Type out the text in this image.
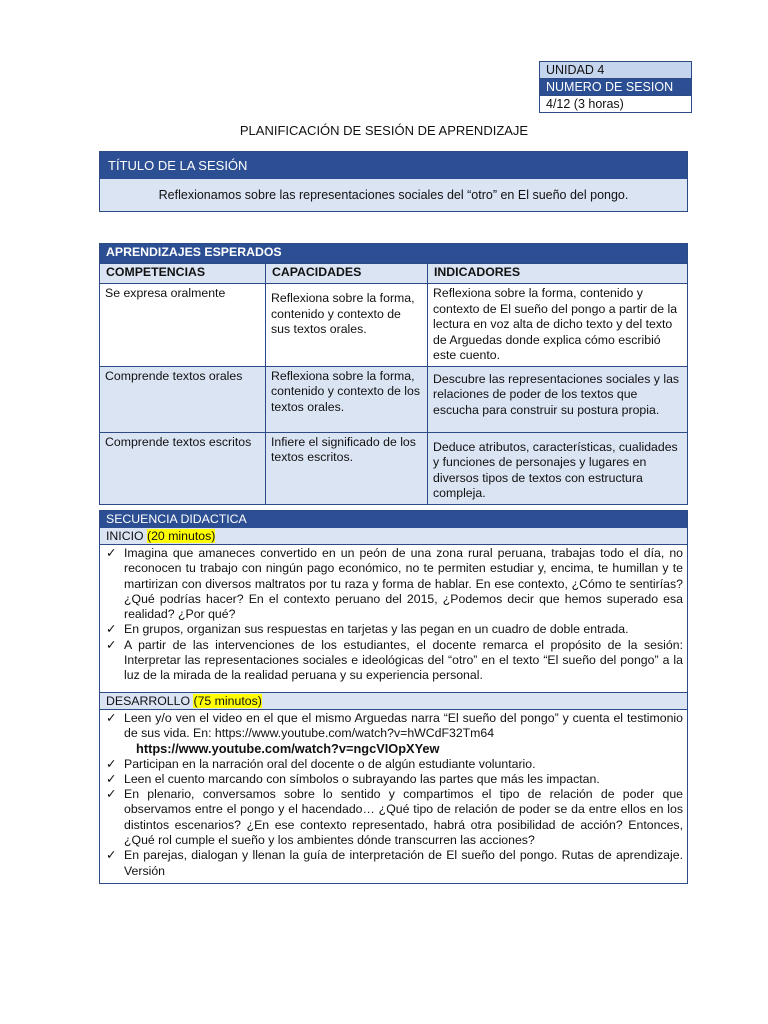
UNIDAD 4
NUMERO DE SESION
4/12 (3 horas)
PLANIFICACIÓN DE SESIÓN DE APRENDIZAJE
TÍTULO DE LA SESIÓN
Reflexionamos sobre las representaciones sociales del “otro” en El sueño del pongo.
APRENDIZAJES ESPERADOS		
COMPETENCIAS	CAPACIDADES	INDICADORES
Se expresa oralmente	Reflexiona sobre la forma, contenido y contexto de sus textos orales.	Reflexiona sobre la forma, contenido y contexto de El sueño del pongo a partir de la lectura en voz alta de dicho texto y del texto de Arguedas donde explica cómo escribió este cuento.
Comprende textos orales	Reflexiona sobre la forma, contenido y contexto de los textos orales.	Descubre las representaciones sociales y las relaciones de poder de los textos que escucha para construir su postura propia.
Comprende textos escritos	Infiere el significado de los textos escritos.	Deduce atributos, características, cualidades y funciones de personajes y lugares en diversos tipos de textos con estructura compleja.
SECUENCIA DIDACTICA
INICIO (20 minutos)
✓ Imagina que amaneces convertido en un peón de una zona rural peruana, trabajas todo el día, no reconocen tu trabajo con ningún pago económico, no te permiten estudiar y, encima, te humillan y te martirizan con diversos maltratos por tu raza y forma de hablar. En ese contexto, ¿Cómo te sentirías? ¿Qué podrías hacer? En el contexto peruano del 2015, ¿Podemos decir que hemos superado esa realidad? ¿Por qué?
✓ En grupos, organizan sus respuestas en tarjetas y las pegan en un cuadro de doble entrada.
✓ A partir de las intervenciones de los estudiantes, el docente remarca el propósito de la sesión: Interpretar las representaciones sociales e ideológicas del “otro” en el texto “El sueño del pongo” a la luz de la mirada de la realidad peruana y su experiencia personal.
DESARROLLO (75 minutos)
✓ Leen y/o ven el video en el que el mismo Arguedas narra “El sueño del pongo” y cuenta el testimonio de sus vida. En: https://www.youtube.com/watch?v=hWCdF32Tm64
https://www.youtube.com/watch?v=ngcVIOpXYew
✓ Participan en la narración oral del docente o de algún estudiante voluntario.
✓ Leen el cuento marcando con símbolos o subrayando las partes que más les impactan.
✓ En plenario, conversamos sobre lo sentido y compartimos el tipo de relación de poder que observamos entre el pongo y el hacendado… ¿Qué tipo de relación de poder se da entre ellos en los distintos escenarios? ¿En ese contexto representado, habrá otra posibilidad de acción? Entonces, ¿Qué rol cumple el sueño y los ambientes dónde transcurren las acciones?
✓ En parejas, dialogan y llenan la guía de interpretación de El sueño del pongo. Rutas de aprendizaje. Versión
